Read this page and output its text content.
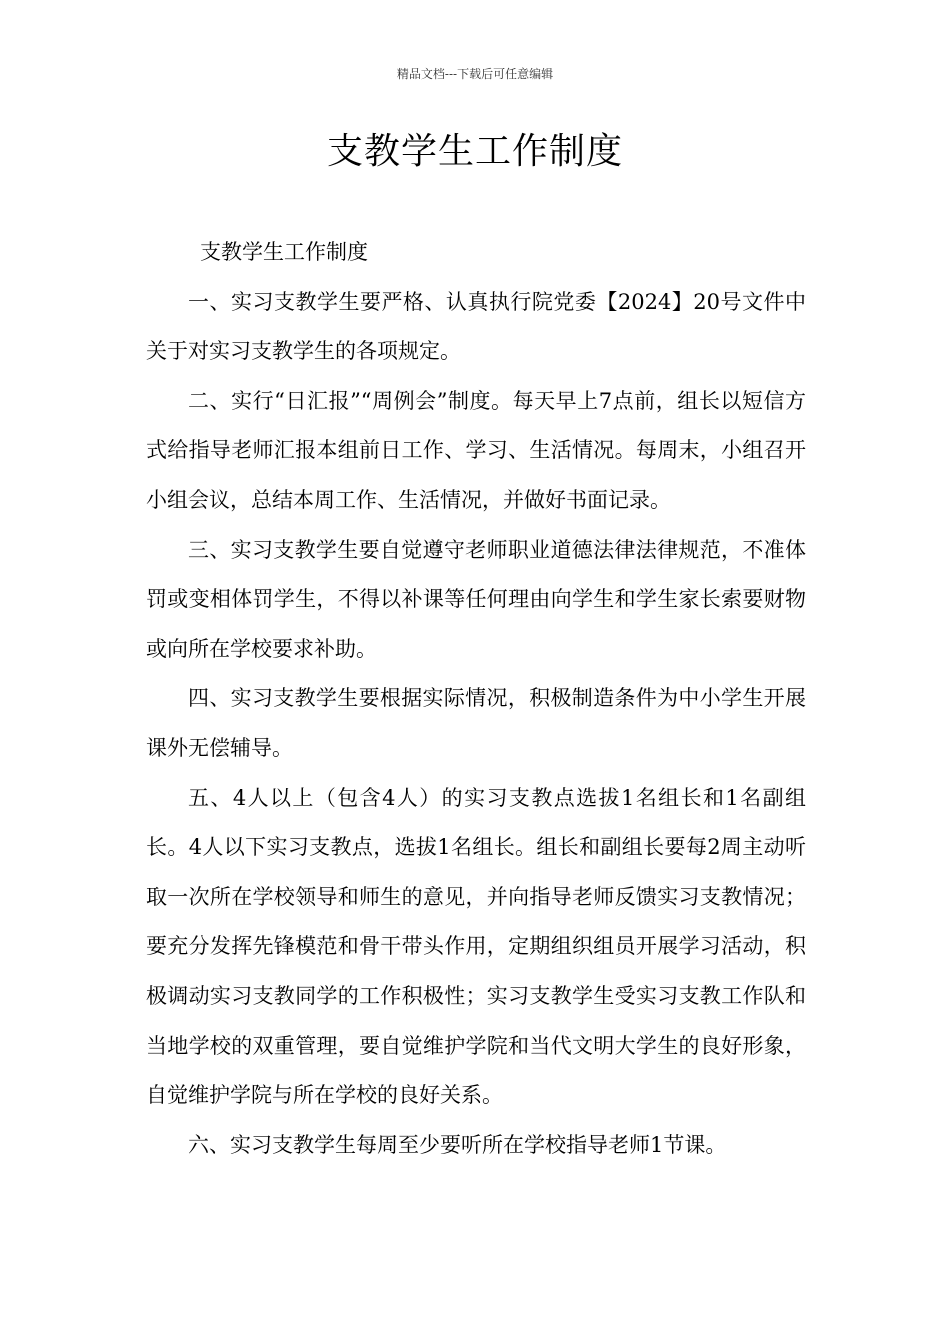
精品文档---下载后可任意编辑
支教学生工作制度

支教学生工作制度

一、实习支教学生要严格、认真执行院党委【2024】20号文件中关于对实习支教学生的各项规定。

二、实行“日汇报”“周例会”制度。每天早上7点前，组长以短信方式给指导老师汇报本组前日工作、学习、生活情况。每周末，小组召开小组会议，总结本周工作、生活情况，并做好书面记录。

三、实习支教学生要自觉遵守老师职业道德法律法律规范，不准体罚或变相体罚学生，不得以补课等任何理由向学生和学生家长索要财物或向所在学校要求补助。

四、实习支教学生要根据实际情况，积极制造条件为中小学生开展课外无偿辅导。

五、4人以上（包含4人）的实习支教点选拔1名组长和1名副组长。4人以下实习支教点，选拔1名组长。组长和副组长要每2周主动听取一次所在学校领导和师生的意见，并向指导老师反馈实习支教情况；要充分发挥先锋模范和骨干带头作用，定期组织组员开展学习活动，积极调动实习支教同学的工作积极性；实习支教学生受实习支教工作队和当地学校的双重管理，要自觉维护学院和当代文明大学生的良好形象，自觉维护学院与所在学校的良好关系。

六、实习支教学生每周至少要听所在学校指导老师1节课。
